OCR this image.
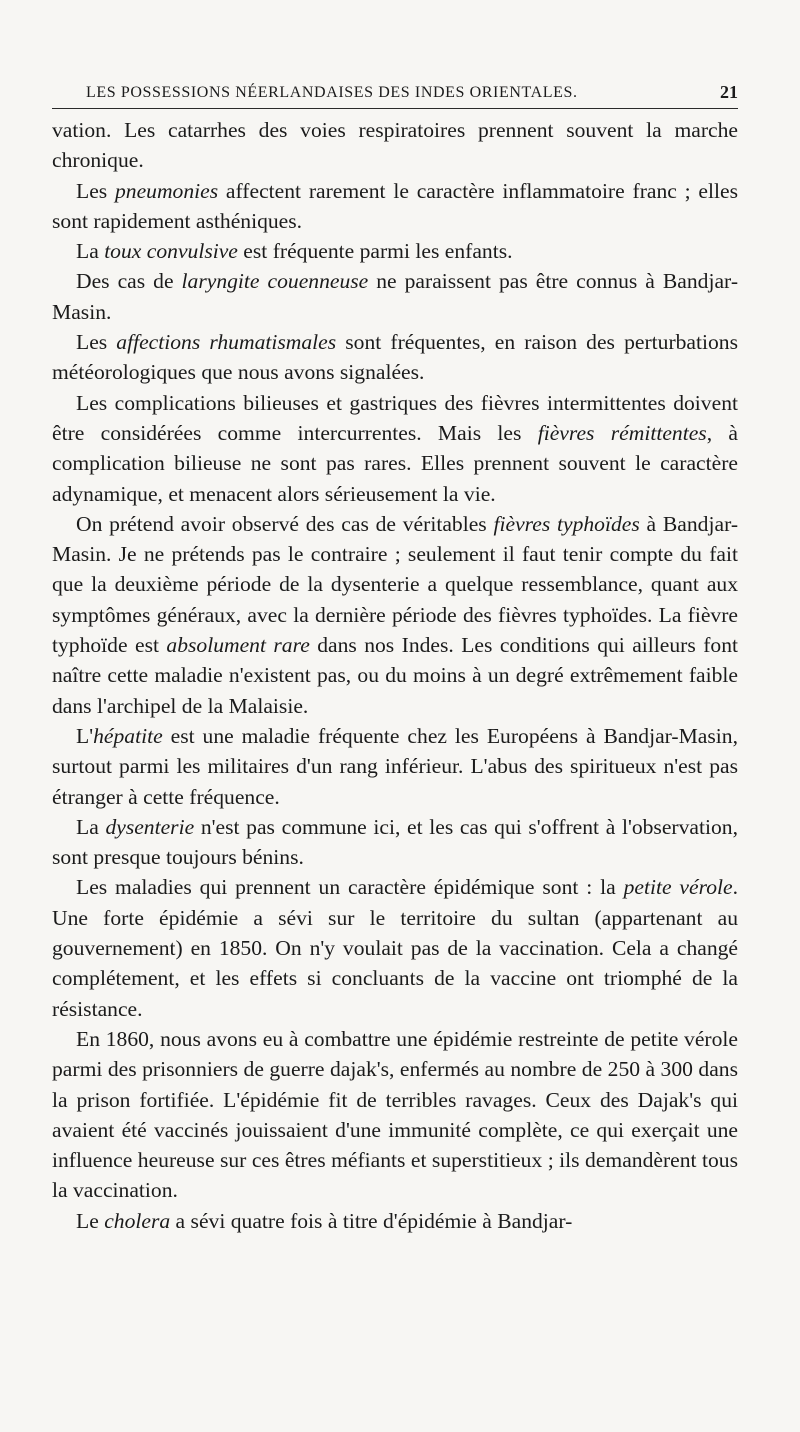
LES POSSESSIONS NÉERLANDAISES DES INDES ORIENTALES.	21

vation. Les catarrhes des voies respiratoires prennent souvent la marche chronique.

Les pneumonies affectent rarement le caractère inflammatoire franc ; elles sont rapidement asthéniques.

La toux convulsive est fréquente parmi les enfants.

Des cas de laryngite couenneuse ne paraissent pas être connus à Bandjar-Masin.

Les affections rhumatismales sont fréquentes, en raison des perturbations météorologiques que nous avons signalées.

Les complications bilieuses et gastriques des fièvres intermittentes doivent être considérées comme intercurrentes. Mais les fièvres rémittentes, à complication bilieuse ne sont pas rares. Elles prennent souvent le caractère adynamique, et menacent alors sérieusement la vie.

On prétend avoir observé des cas de véritables fièvres typhoïdes à Bandjar-Masin. Je ne prétends pas le contraire ; seulement il faut tenir compte du fait que la deuxième période de la dysenterie a quelque ressemblance, quant aux symptômes généraux, avec la dernière période des fièvres typhoïdes. La fièvre typhoïde est absolument rare dans nos Indes. Les conditions qui ailleurs font naître cette maladie n'existent pas, ou du moins à un degré extrêmement faible dans l'archipel de la Malaisie.

L'hépatite est une maladie fréquente chez les Européens à Bandjar-Masin, surtout parmi les militaires d'un rang inférieur. L'abus des spiritueux n'est pas étranger à cette fréquence.

La dysenterie n'est pas commune ici, et les cas qui s'offrent à l'observation, sont presque toujours bénins.

Les maladies qui prennent un caractère épidémique sont : la petite vérole. Une forte épidémie a sévi sur le territoire du sultan (appartenant au gouvernement) en 1850. On n'y voulait pas de la vaccination. Cela a changé complétement, et les effets si concluants de la vaccine ont triomphé de la résistance.

En 1860, nous avons eu à combattre une épidémie restreinte de petite vérole parmi des prisonniers de guerre dajak's, enfermés au nombre de 250 à 300 dans la prison fortifiée. L'épidémie fit de terribles ravages. Ceux des Dajak's qui avaient été vaccinés jouissaient d'une immunité complète, ce qui exerçait une influence heureuse sur ces êtres méfiants et superstitieux ; ils demandèrent tous la vaccination.

Le cholera a sévi quatre fois à titre d'épidémie à Bandjar-
